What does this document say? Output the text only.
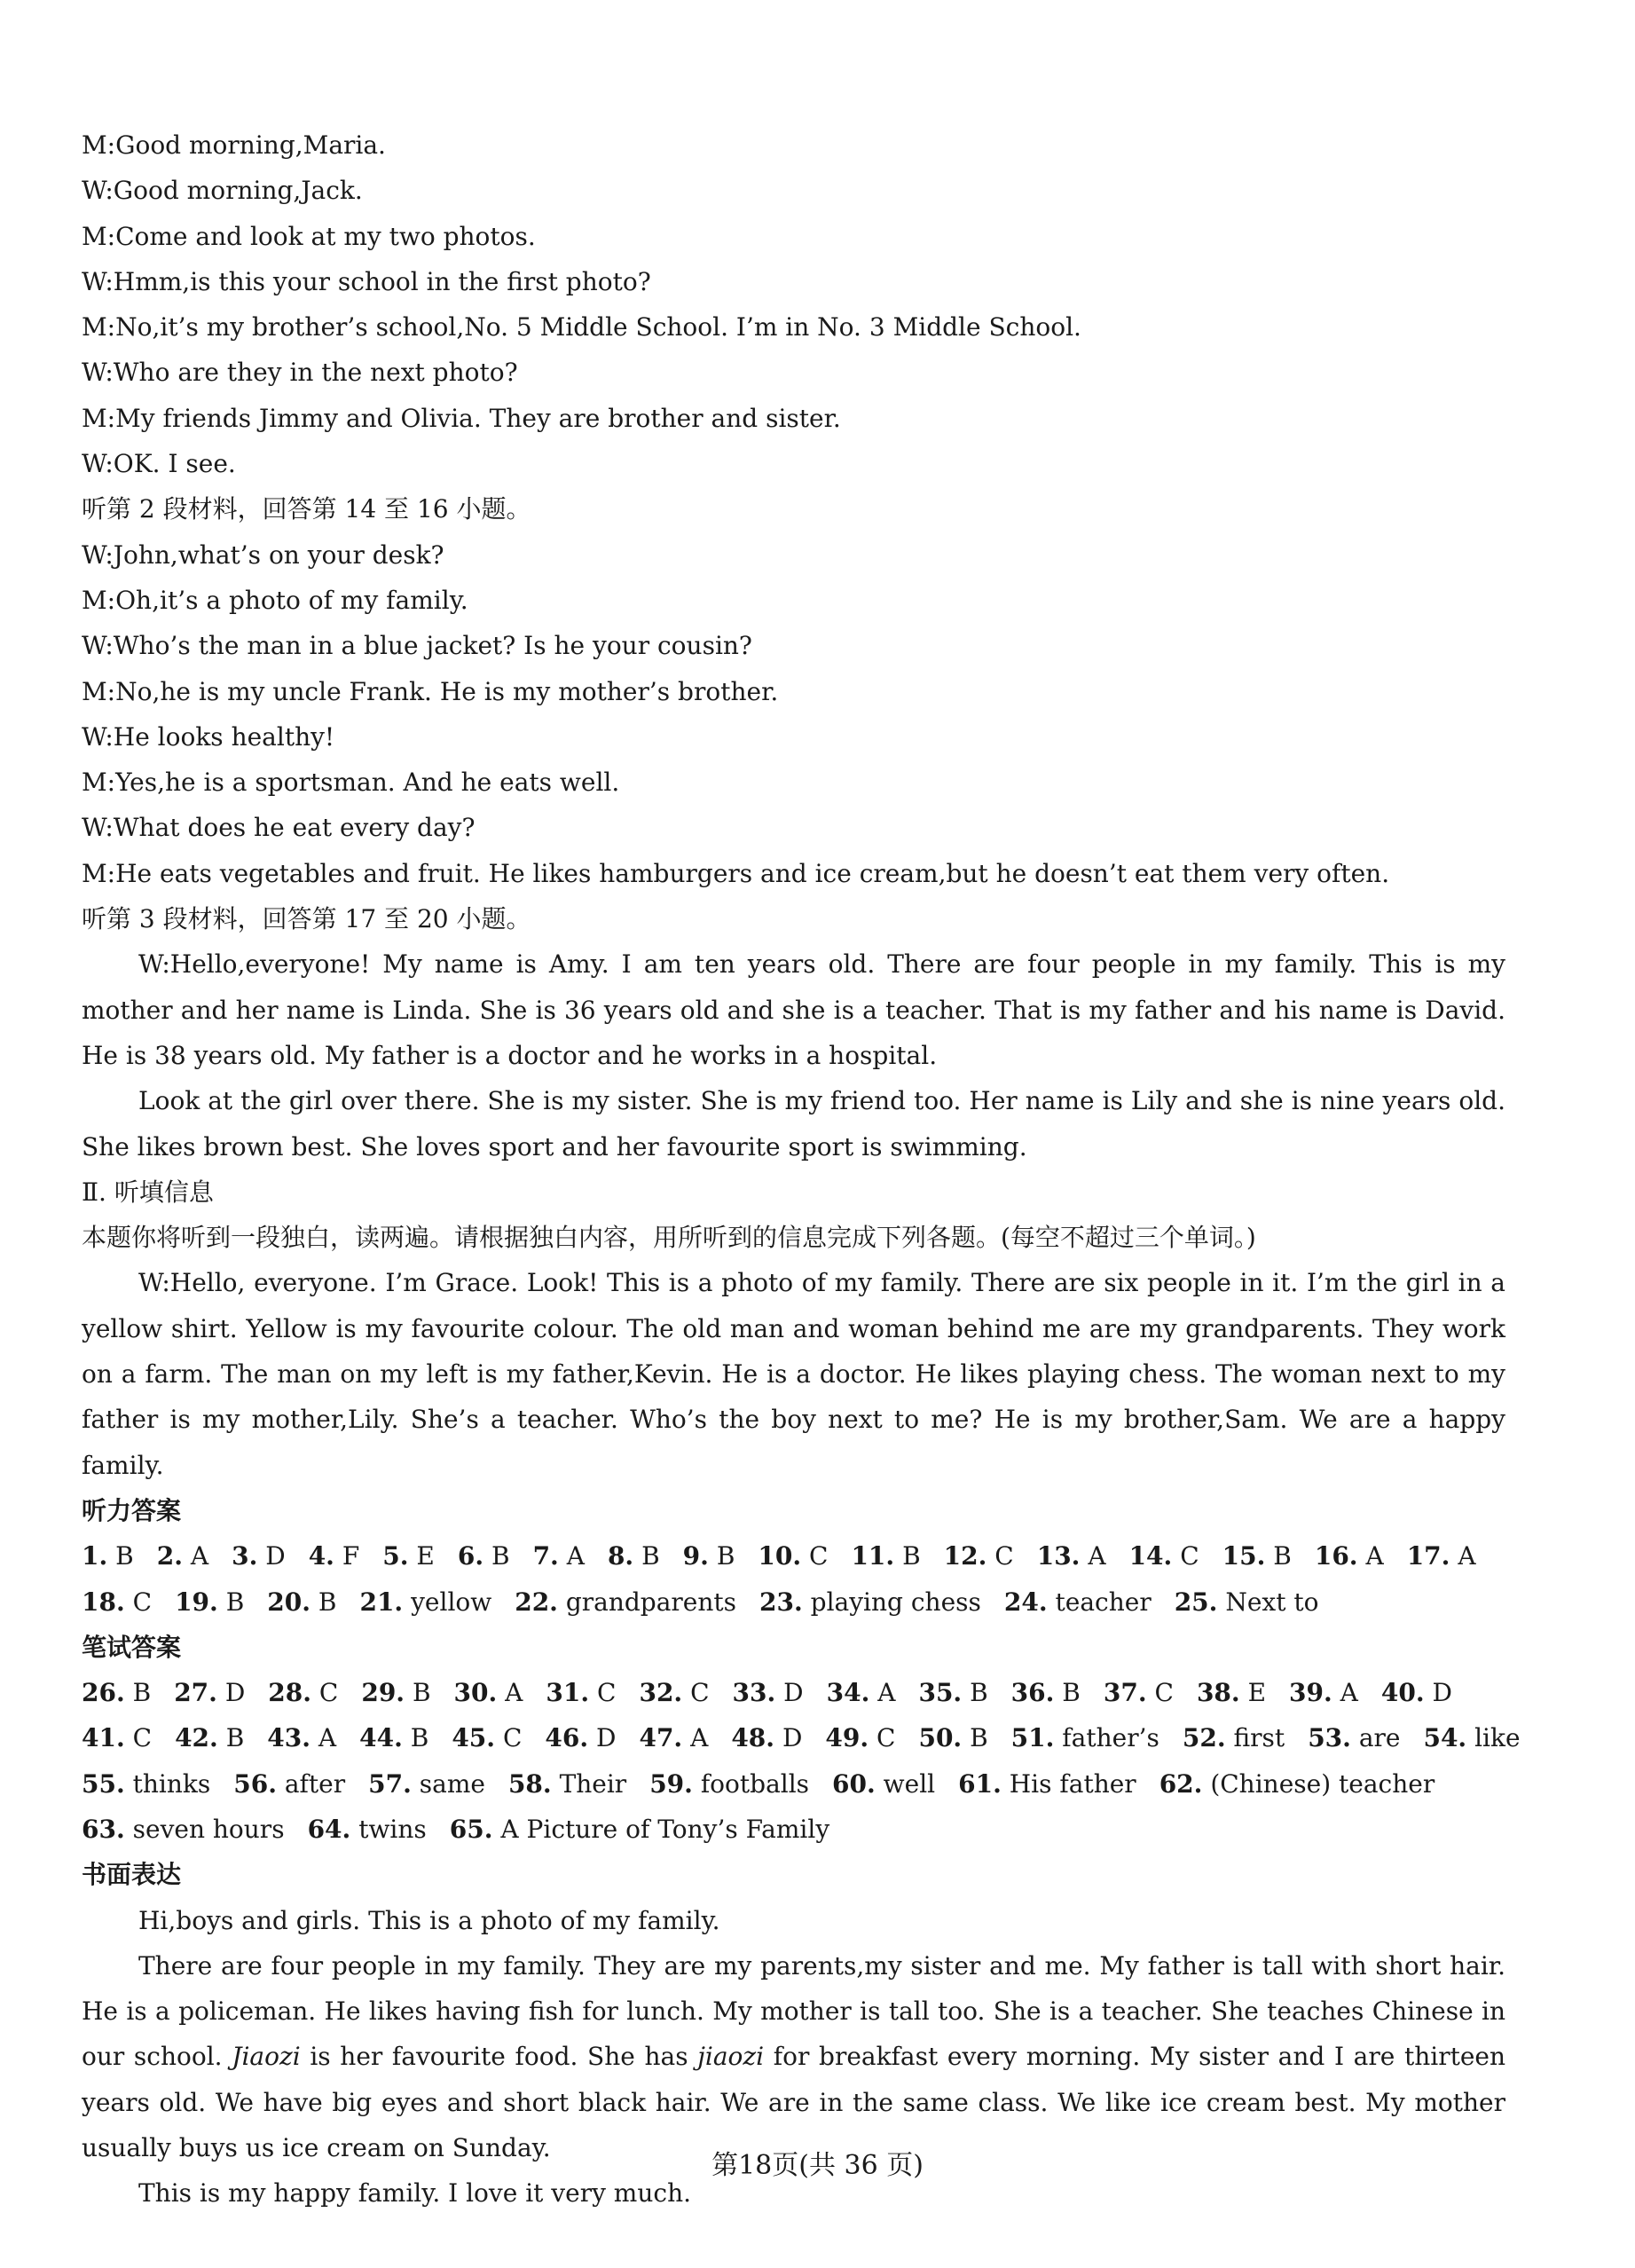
M:Good morning,Maria.
W:Good morning,Jack.
M:Come and look at my two photos.
W:Hmm,is this your school in the first photo?
M:No,it’s my brother’s school,No. 5 Middle School. I’m in No. 3 Middle School.
W:Who are they in the next photo?
M:My friends Jimmy and Olivia. They are brother and sister.
W:OK. I see.
听第 2 段材料，回答第 14 至 16 小题。
W:John,what’s on your desk?
M:Oh,it’s a photo of my family.
W:Who’s the man in a blue jacket? Is he your cousin?
M:No,he is my uncle Frank. He is my mother’s brother.
W:He looks healthy!
M:Yes,he is a sportsman. And he eats well.
W:What does he eat every day?
M:He eats vegetables and fruit. He likes hamburgers and ice cream,but he doesn’t eat them very often.
听第 3 段材料，回答第 17 至 20 小题。

W:Hello,everyone! My name is Amy. I am ten years old. There are four people in my family. This is my mother and her name is Linda. She is 36 years old and she is a teacher. That is my father and his name is David. He is 38 years old. My father is a doctor and he works in a hospital.

Look at the girl over there. She is my sister. She is my friend too. Her name is Lily and she is nine years old. She likes brown best. She loves sport and her favourite sport is swimming.

Ⅱ. 听填信息
本题你将听到一段独白，读两遍。请根据独白内容，用所听到的信息完成下列各题。(每空不超过三个单词。)

W:Hello, everyone. I’m Grace. Look! This is a photo of my family. There are six people in it. I’m the girl in a yellow shirt. Yellow is my favourite colour. The old man and woman behind me are my grandparents. They work on a farm. The man on my left is my father,Kevin. He is a doctor. He likes playing chess. The woman next to my father is my mother,Lily. She’s a teacher. Who’s the boy next to me? He is my brother,Sam. We are a happy family.

听力答案
1. B 2. A 3. D 4. F 5. E 6. B 7. A 8. B 9. B 10. C 11. B 12. C 13. A 14. C 15. B 16. A 17. A
18. C 19. B 20. B 21. yellow 22. grandparents 23. playing chess 24. teacher 25. Next to
笔试答案
26. B 27. D 28. C 29. B 30. A 31. C 32. C 33. D 34. A 35. B 36. B 37. C 38. E 39. A 40. D
41. C 42. B 43. A 44. B 45. C 46. D 47. A 48. D 49. C 50. B 51. father’s 52. first 53. are 54. like
55. thinks 56. after 57. same 58. Their 59. footballs 60. well 61. His father 62. (Chinese) teacher
63. seven hours 64. twins 65. A Picture of Tony’s Family
书面表达

Hi,boys and girls. This is a photo of my family.

There are four people in my family. They are my parents,my sister and me. My father is tall with short hair. He is a policeman. He likes having fish for lunch. My mother is tall too. She is a teacher. She teaches Chinese in our school. Jiaozi is her favourite food. She has jiaozi for breakfast every morning. My sister and I are thirteen years old. We have big eyes and short black hair. We are in the same class. We like ice cream best. My mother usually buys us ice cream on Sunday.

This is my happy family. I love it very much.

第18页(共 36 页)
